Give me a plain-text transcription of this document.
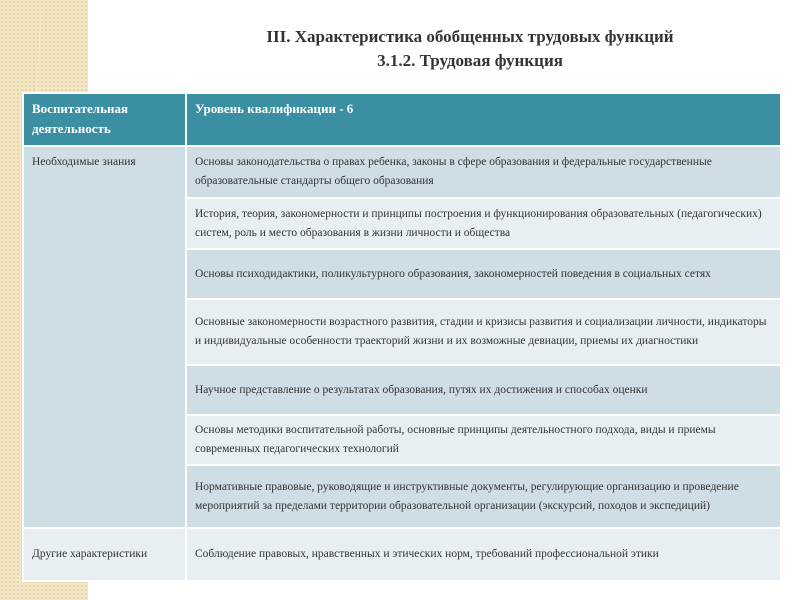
III. Характеристика обобщенных трудовых функций
3.1.2. Трудовая функция
Воспитательная деятельность	Уровень квалификации - 6
Необходимые знания	Основы законодательства о правах ребенка, законы в сфере образования и федеральные государственные образовательные стандарты общего образования
	История, теория, закономерности и принципы построения и функционирования образовательных (педагогических) систем, роль и место образования в жизни личности и общества
	Основы психодидактики, поликультурного образования, закономерностей поведения в социальных сетях
	Основные закономерности возрастного развития, стадии и кризисы развития и социализации личности, индикаторы и индивидуальные особенности траекторий жизни и их возможные девиации, приемы их диагностики
	Научное представление о результатах образования, путях их достижения и способах оценки
	Основы методики воспитательной работы, основные принципы деятельностного подхода, виды и приемы современных педагогических технологий
	Нормативные правовые, руководящие и инструктивные документы, регулирующие организацию и проведение мероприятий за пределами территории образовательной организации (экскурсий, походов и экспедиций)
Другие характеристики	Соблюдение правовых, нравственных и этических норм, требований профессиональной этики
